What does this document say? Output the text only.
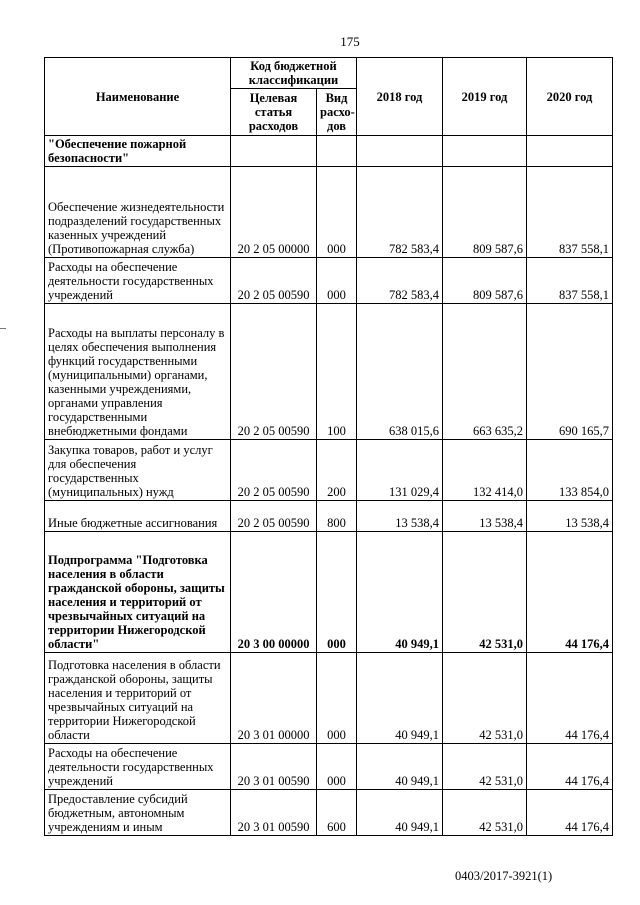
175
Наименование	Код бюджетной классификации		2018 год	2019 год	2020 год
	Целевая статья расходов	Вид расхо-дов			
"Обеспечение пожарной безопасности"					
Обеспечение жизнедеятельности подразделений государственных казенных учреждений (Противопожарная служба)	20 2 05 00000	000	782 583,4	809 587,6	837 558,1
Расходы на обеспечение деятельности государственных учреждений	20 2 05 00590	000	782 583,4	809 587,6	837 558,1
Расходы на выплаты персоналу в целях обеспечения выполнения функций государственными (муниципальными) органами, казенными учреждениями, органами управления государственными внебюджетными фондами	20 2 05 00590	100	638 015,6	663 635,2	690 165,7
Закупка товаров, работ и услуг для обеспечения государственных (муниципальных) нужд	20 2 05 00590	200	131 029,4	132 414,0	133 854,0
Иные бюджетные ассигнования	20 2 05 00590	800	13 538,4	13 538,4	13 538,4
Подпрограмма "Подготовка населения в области гражданской обороны, защиты населения и территорий от чрезвычайных ситуаций на территории Нижегородской области"	20 3 00 00000	000	40 949,1	42 531,0	44 176,4
Подготовка населения в области гражданской обороны, защиты населения и территорий от чрезвычайных ситуаций на территории Нижегородской области	20 3 01 00000	000	40 949,1	42 531,0	44 176,4
Расходы на обеспечение деятельности государственных учреждений	20 3 01 00590	000	40 949,1	42 531,0	44 176,4
Предоставление субсидий бюджетным, автономным учреждениям и иным	20 3 01 00590	600	40 949,1	42 531,0	44 176,4
0403/2017-3921(1)
